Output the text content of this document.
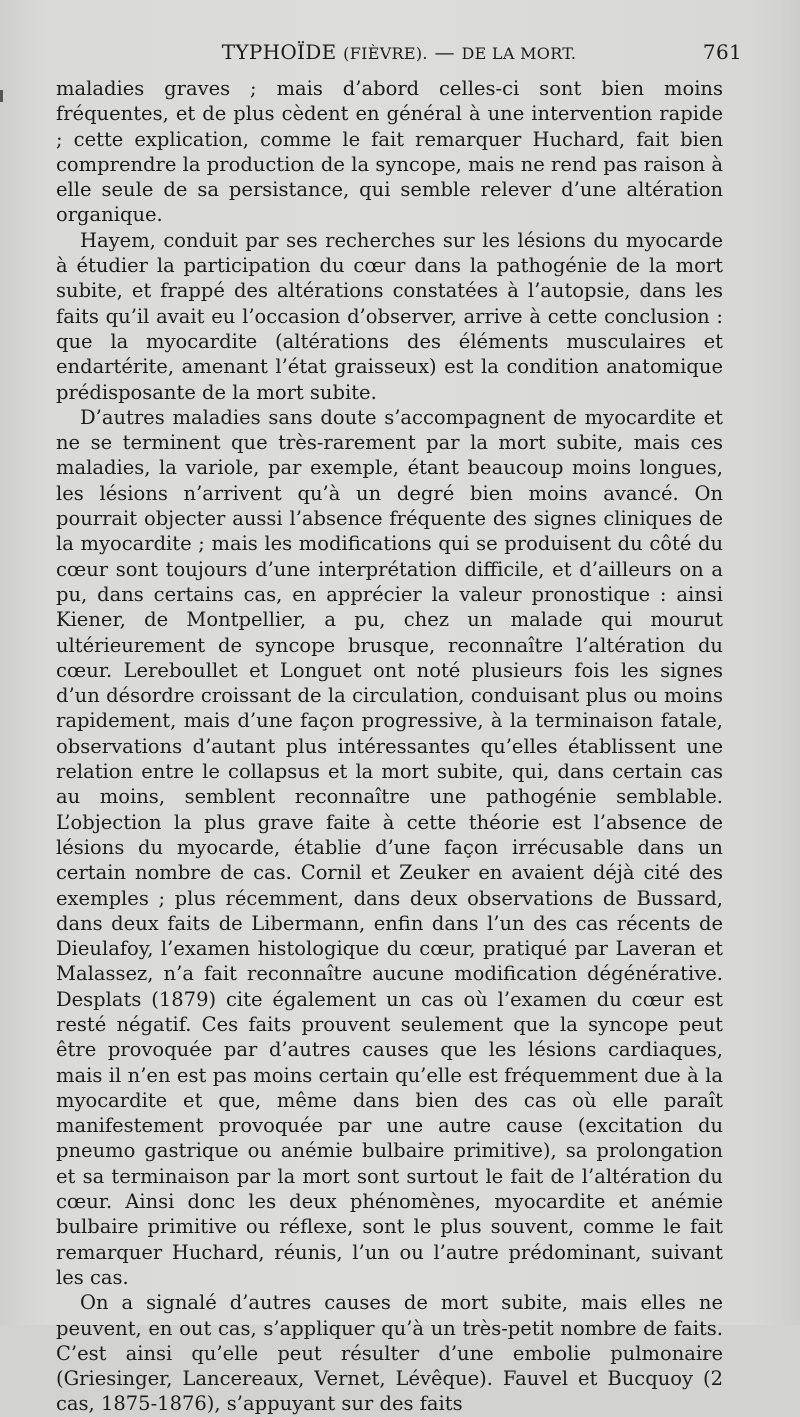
TYPHOÏDE (FIÈVRE). — DE LA MORT.	761

maladies graves ; mais d’abord celles-ci sont bien moins fréquentes, et de plus cèdent en général à une intervention rapide ; cette explication, comme le fait remarquer Huchard, fait bien comprendre la production de la syncope, mais ne rend pas raison à elle seule de sa persistance, qui semble relever d’une altération organique.

Hayem, conduit par ses recherches sur les lésions du myocarde à étudier la participation du cœur dans la pathogénie de la mort subite, et frappé des altérations constatées à l’autopsie, dans les faits qu’il avait eu l’occasion d’observer, arrive à cette conclusion : que la myocardite (altérations des éléments musculaires et endartérite, amenant l’état graisseux) est la condition anatomique prédisposante de la mort subite.

D’autres maladies sans doute s’accompagnent de myocardite et ne se terminent que très-rarement par la mort subite, mais ces maladies, la variole, par exemple, étant beaucoup moins longues, les lésions n’arrivent qu’à un degré bien moins avancé. On pourrait objecter aussi l’absence fréquente des signes cliniques de la myocardite ; mais les modifications qui se produisent du côté du cœur sont toujours d’une interprétation difficile, et d’ailleurs on a pu, dans certains cas, en apprécier la valeur pronostique : ainsi Kiener, de Montpellier, a pu, chez un malade qui mourut ultérieurement de syncope brusque, reconnaître l’altération du cœur. Lereboullet et Longuet ont noté plusieurs fois les signes d’un désordre croissant de la circulation, conduisant plus ou moins rapidement, mais d’une façon progressive, à la terminaison fatale, observations d’autant plus intéressantes qu’elles établissent une relation entre le collapsus et la mort subite, qui, dans certain cas au moins, semblent reconnaître une pathogénie semblable. L’objection la plus grave faite à cette théorie est l’absence de lésions du myocarde, établie d’une façon irrécusable dans un certain nombre de cas. Cornil et Zeuker en avaient déjà cité des exemples ; plus récemment, dans deux observations de Bussard, dans deux faits de Libermann, enfin dans l’un des cas récents de Dieulafoy, l’examen histologique du cœur, pratiqué par Laveran et Malassez, n’a fait reconnaître aucune modification dégénérative. Desplats (1879) cite également un cas où l’examen du cœur est resté négatif. Ces faits prouvent seulement que la syncope peut être provoquée par d’autres causes que les lésions cardiaques, mais il n’en est pas moins certain qu’elle est fréquemment due à la myocardite et que, même dans bien des cas où elle paraît manifestement provoquée par une autre cause (excitation du pneumo gastrique ou anémie bulbaire primitive), sa prolongation et sa terminaison par la mort sont surtout le fait de l’altération du cœur. Ainsi donc les deux phénomènes, myocardite et anémie bulbaire primitive ou réflexe, sont le plus souvent, comme le fait remarquer Huchard, réunis, l’un ou l’autre prédominant, suivant les cas.

On a signalé d’autres causes de mort subite, mais elles ne peuvent, en out cas, s’appliquer qu’à un très-petit nombre de faits. C’est ainsi qu’elle peut résulter d’une embolie pulmonaire (Griesinger, Lancereaux, Vernet, Lévêque). Fauvel et Bucquoy (2 cas, 1875-1876), s’appuyant sur des faits
